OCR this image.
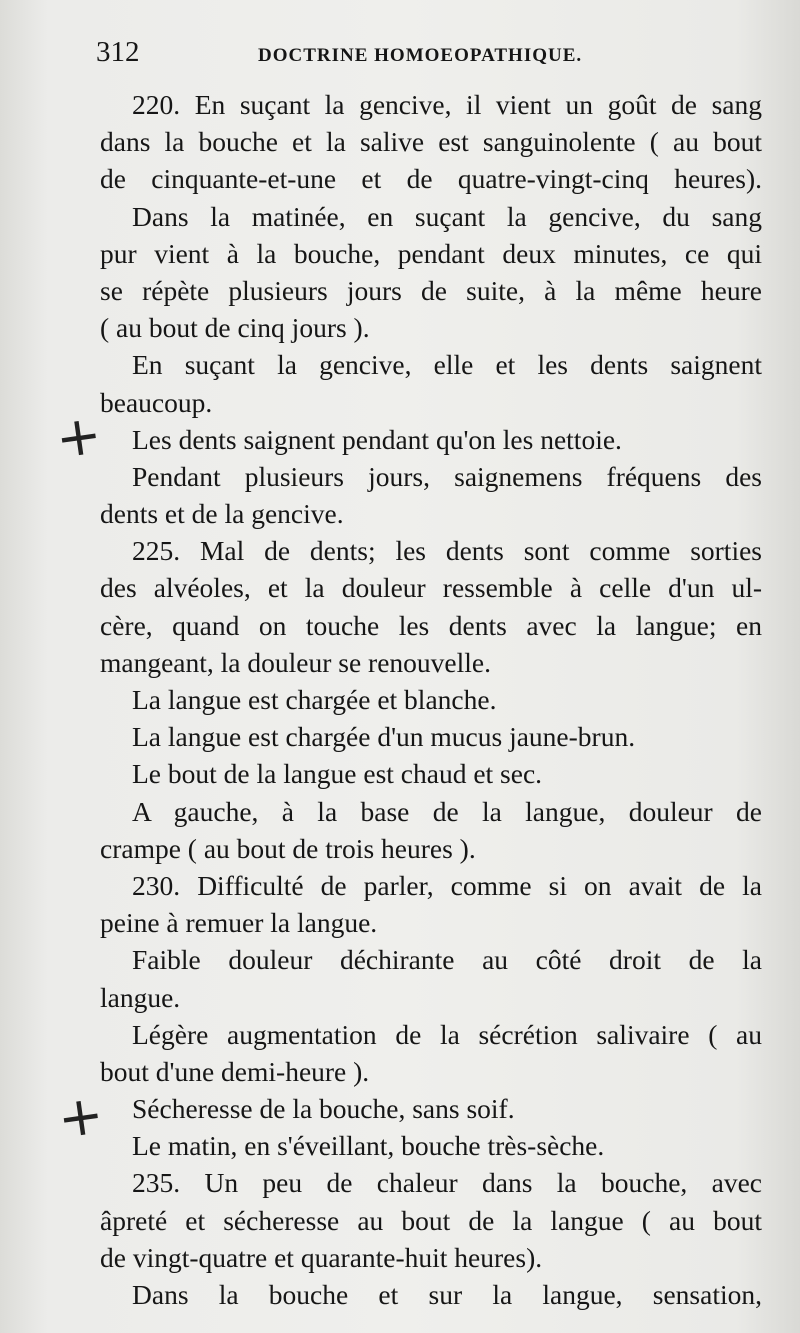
312	DOCTRINE HOMOEOPATHIQUE.
220. En suçant la gencive, il vient un goût de sang
dans la bouche et la salive est sanguinolente ( au bout
de cinquante-et-une et de quatre-vingt-cinq heures).
Dans la matinée, en suçant la gencive, du sang
pur vient à la bouche, pendant deux minutes, ce qui
se répète plusieurs jours de suite, à la même heure
( au bout de cinq jours ).
En suçant la gencive, elle et les dents saignent
beaucoup.
Les dents saignent pendant qu'on les nettoie.
Pendant plusieurs jours, saignemens fréquens des
dents et de la gencive.
225. Mal de dents; les dents sont comme sorties
des alvéoles, et la douleur ressemble à celle d'un ul-
cère, quand on touche les dents avec la langue; en
mangeant, la douleur se renouvelle.
La langue est chargée et blanche.
La langue est chargée d'un mucus jaune-brun.
Le bout de la langue est chaud et sec.
A gauche, à la base de la langue, douleur de
crampe ( au bout de trois heures ).
230. Difficulté de parler, comme si on avait de la
peine à remuer la langue.
Faible douleur déchirante au côté droit de la
langue.
Légère augmentation de la sécrétion salivaire ( au
bout d'une demi-heure ).
Sécheresse de la bouche, sans soif.
Le matin, en s'éveillant, bouche très-sèche.
235. Un peu de chaleur dans la bouche, avec
âpreté et sécheresse au bout de la langue ( au bout
de vingt-quatre et quarante-huit heures).
Dans la bouche et sur la langue, sensation,
+
+
